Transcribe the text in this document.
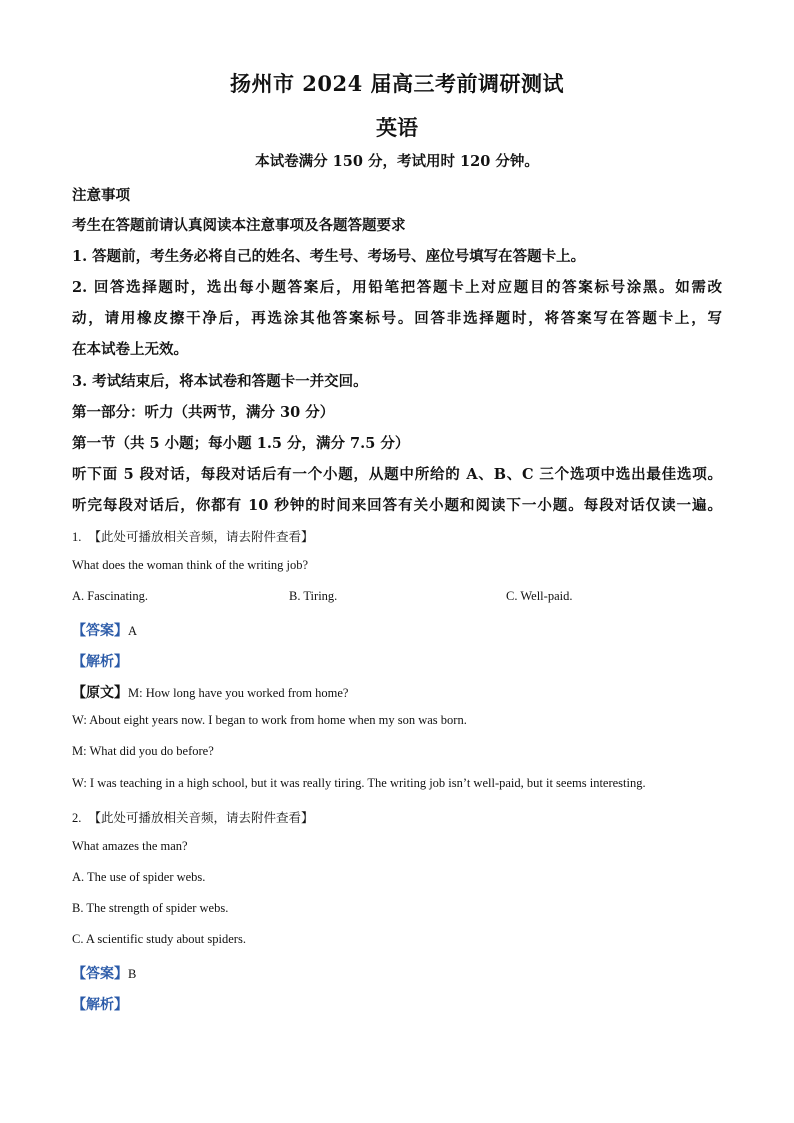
扬州市 2024 届高三考前调研测试
英语
本试卷满分 150 分，考试用时 120 分钟。
注意事项
考生在答题前请认真阅读本注意事项及各题答题要求
1. 答题前，考生务必将自己的姓名、考生号、考场号、座位号填写在答题卡上。
2. 回答选择题时，选出每小题答案后，用铅笔把答题卡上对应题目的答案标号涂黑。如需改
动，请用橡皮擦干净后，再选涂其他答案标号。回答非选择题时，将答案写在答题卡上，写
在本试卷上无效。
3. 考试结束后，将本试卷和答题卡一并交回。
第一部分：听力（共两节，满分 30 分）
第一节（共 5 小题；每小题 1.5 分，满分 7.5 分）
听下面 5 段对话，每段对话后有一个小题，从题中所给的 A、B、C 三个选项中选出最佳选项。
听完每段对话后，你都有 10 秒钟的时间来回答有关小题和阅读下一小题。每段对话仅读一遍。
1. 【此处可播放相关音频，请去附件查看】
What does the woman think of the writing job?
A. Fascinating.	B. Tiring.	C. Well-paid.
【答案】A
【解析】
【原文】M: How long have you worked from home?
W: About eight years now. I began to work from home when my son was born.
M: What did you do before?
W: I was teaching in a high school, but it was really tiring. The writing job isn’t well-paid, but it seems interesting.
2. 【此处可播放相关音频，请去附件查看】
What amazes the man?
A. The use of spider webs.
B. The strength of spider webs.
C. A scientific study about spiders.
【答案】B
【解析】
